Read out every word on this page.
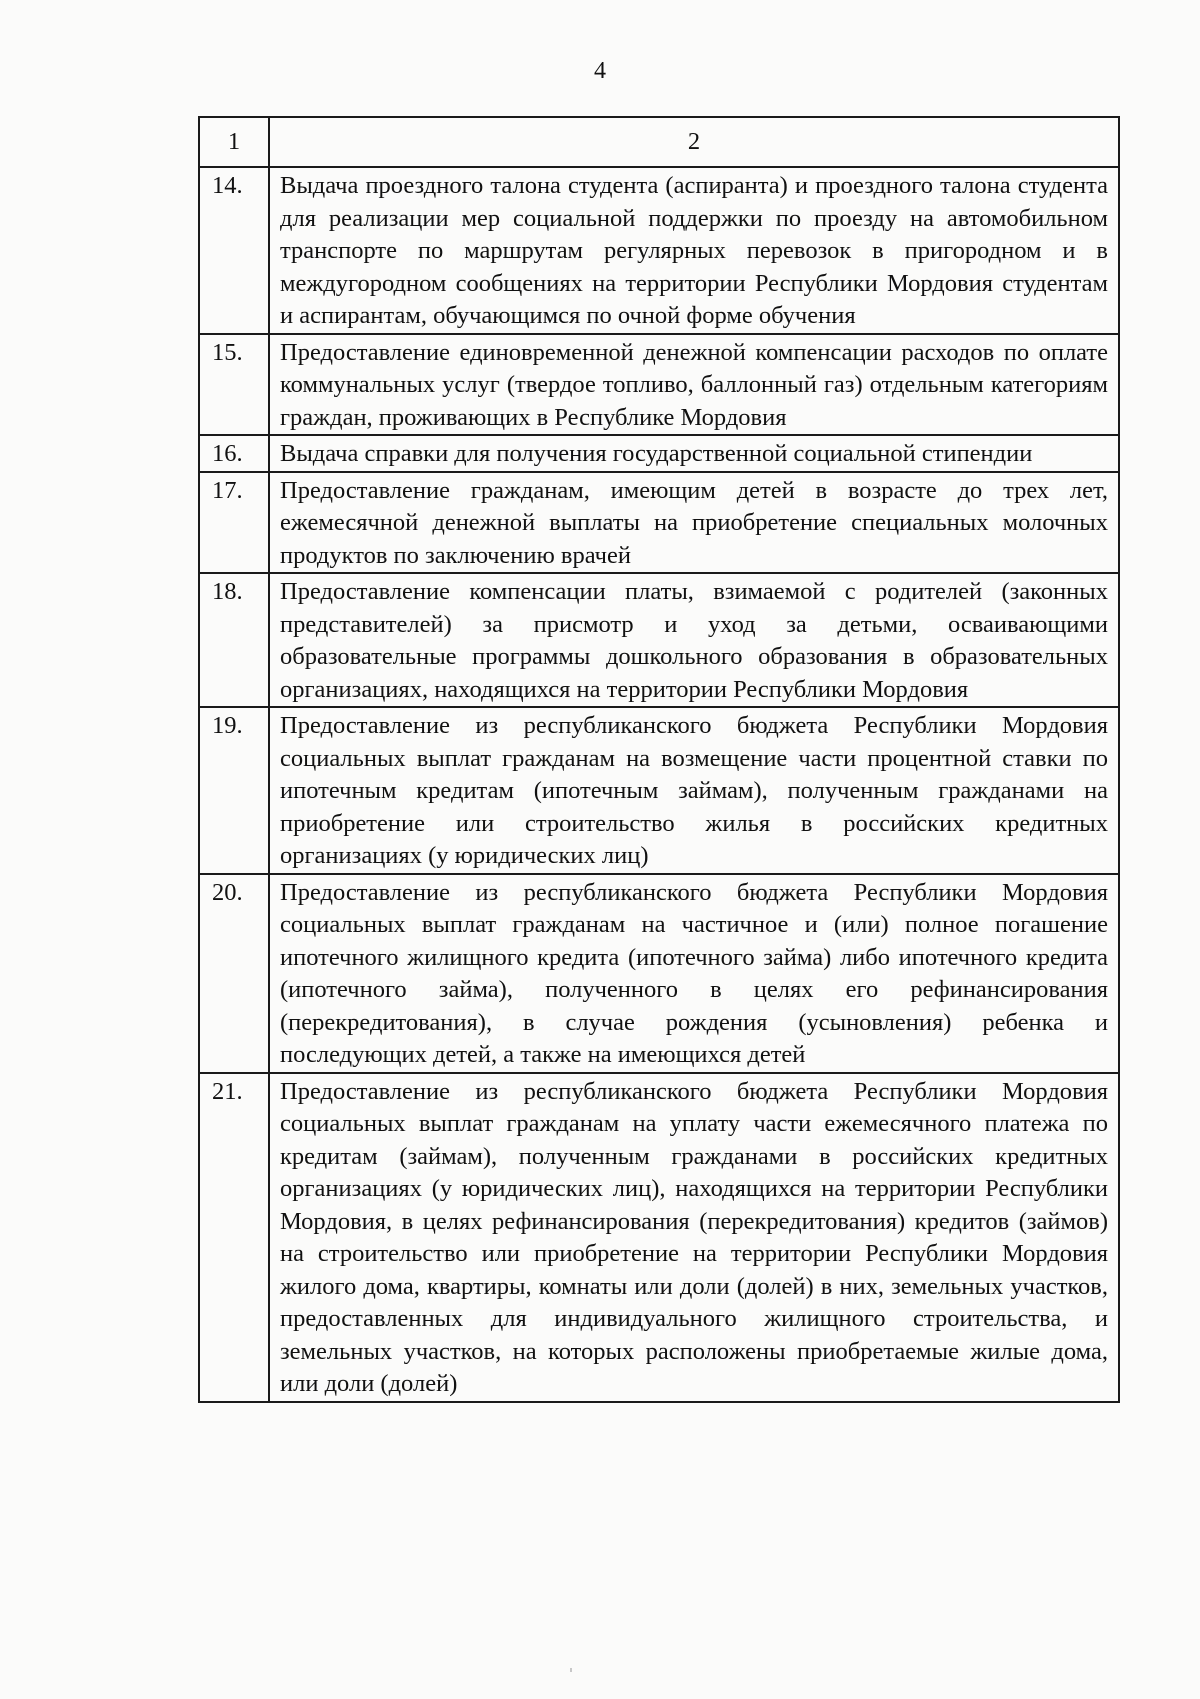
4
1	2
14.	Выдача проездного талона студента (аспиранта) и проездного талона студента для реализации мер социальной поддержки по проезду на автомобильном транспорте по маршрутам регулярных перевозок в пригородном и в междугородном сообщениях на территории Республики Мордовия студентам и аспирантам, обучающимся по очной форме обучения
15.	Предоставление единовременной денежной компенсации расходов по оплате коммунальных услуг (твердое топливо, баллонный газ) отдельным категориям граждан, проживающих в Республике Мордовия
16.	Выдача справки для получения государственной социальной стипендии
17.	Предоставление гражданам, имеющим детей в возрасте до трех лет, ежемесячной денежной выплаты на приобретение специальных молочных продуктов по заключению врачей
18.	Предоставление компенсации платы, взимаемой с родителей (законных представителей) за присмотр и уход за детьми, осваивающими образовательные программы дошкольного образования в образовательных организациях, находящихся на территории Республики Мордовия
19.	Предоставление из республиканского бюджета Республики Мордовия социальных выплат гражданам на возмещение части процентной ставки по ипотечным кредитам (ипотечным займам), полученным гражданами на приобретение или строительство жилья в российских кредитных организациях (у юридических лиц)
20.	Предоставление из республиканского бюджета Республики Мордовия социальных выплат гражданам на частичное и (или) полное погашение ипотечного жилищного кредита (ипотечного займа) либо ипотечного кредита (ипотечного займа), полученного в целях его рефинансирования (перекредитования), в случае рождения (усыновления) ребенка и последующих детей, а также на имеющихся детей
21.	Предоставление из республиканского бюджета Республики Мордовия социальных выплат гражданам на уплату части ежемесячного платежа по кредитам (займам), полученным гражданами в российских кредитных организациях (у юридических лиц), находящихся на территории Республики Мордовия, в целях рефинансирования (перекредитования) кредитов (займов) на строительство или приобретение на территории Республики Мордовия жилого дома, квартиры, комнаты или доли (долей) в них, земельных участков, предоставленных для индивидуального жилищного строительства, и земельных участков, на которых расположены приобретаемые жилые дома, или доли (долей)
